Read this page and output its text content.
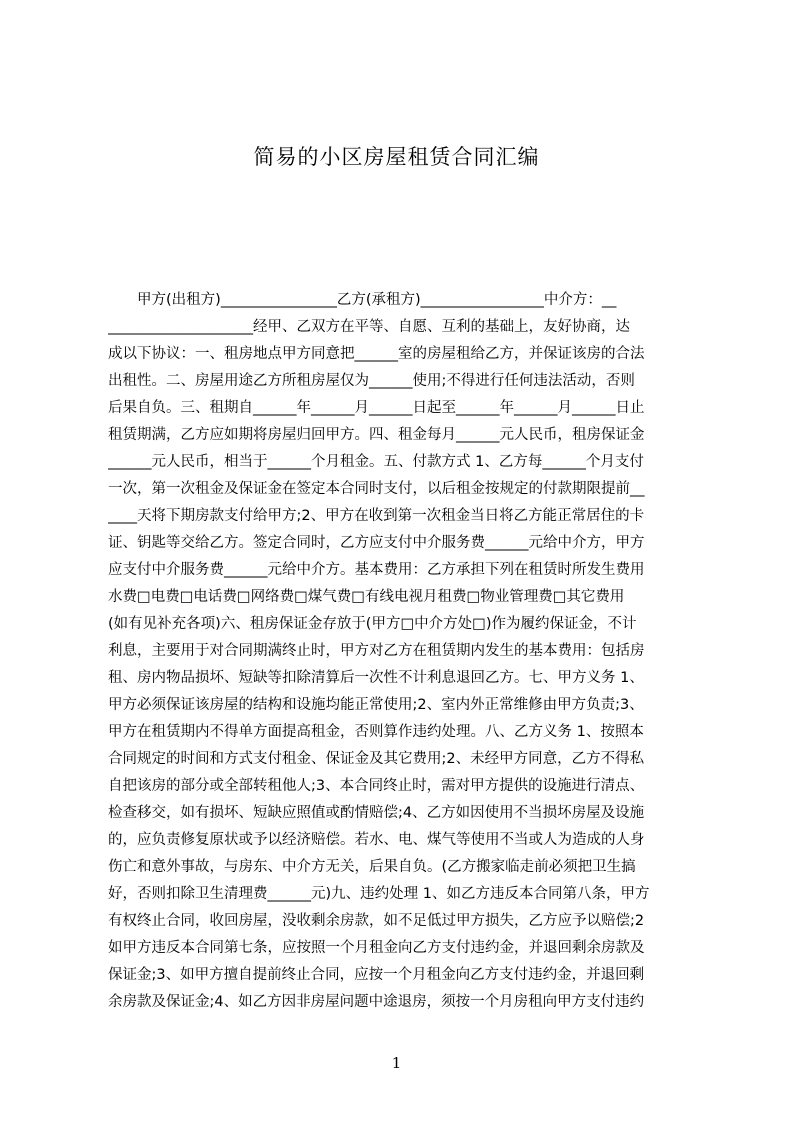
简易的小区房屋租赁合同汇编
　　甲方(出租方)________________乙方(承租方)_________________中介方：__
____________________经甲、乙双方在平等、自愿、互利的基础上，友好协商，达
成以下协议：一、租房地点甲方同意把______室的房屋租给乙方，并保证该房的合法
出租性。二、房屋用途乙方所租房屋仅为______使用;不得进行任何违法活动，否则
后果自负。三、租期自______年______月______日起至______年______月______日止
租赁期满，乙方应如期将房屋归回甲方。四、租金每月______元人民币，租房保证金
______元人民币，相当于______个月租金。五、付款方式 1、乙方每______个月支付
一次，第一次租金及保证金在签定本合同时支付，以后租金按规定的付款期限提前__
____天将下期房款支付给甲方;2、甲方在收到第一次租金当日将乙方能正常居住的卡
证、钥匙等交给乙方。签定合同时，乙方应支付中介服务费______元给中介方，甲方
应支付中介服务费______元给中介方。基本费用：乙方承担下列在租赁时所发生费用
水费□电费□电话费□网络费□煤气费□有线电视月租费□物业管理费□其它费用
(如有见补充各项)六、租房保证金存放于(甲方□中介方处□)作为履约保证金，不计
利息，主要用于对合同期满终止时，甲方对乙方在租赁期内发生的基本费用：包括房
租、房内物品损坏、短缺等扣除清算后一次性不计利息退回乙方。七、甲方义务 1、
甲方必须保证该房屋的结构和设施均能正常使用;2、室内外正常维修由甲方负责;3、
甲方在租赁期内不得单方面提高租金，否则算作违约处理。八、乙方义务 1、按照本
合同规定的时间和方式支付租金、保证金及其它费用;2、未经甲方同意，乙方不得私
自把该房的部分或全部转租他人;3、本合同终止时，需对甲方提供的设施进行清点、
检查移交，如有损坏、短缺应照值或酌情赔偿;4、乙方如因使用不当损坏房屋及设施
的，应负责修复原状或予以经济赔偿。若水、电、煤气等使用不当或人为造成的人身
伤亡和意外事故，与房东、中介方无关，后果自负。(乙方搬家临走前必须把卫生搞
好，否则扣除卫生清理费______元)九、违约处理 1、如乙方违反本合同第八条，甲方
有权终止合同，收回房屋，没收剩余房款，如不足低过甲方损失，乙方应予以赔偿;2
如甲方违反本合同第七条，应按照一个月租金向乙方支付违约金，并退回剩余房款及
保证金;3、如甲方擅自提前终止合同，应按一个月租金向乙方支付违约金，并退回剩
余房款及保证金;4、如乙方因非房屋问题中途退房，须按一个月房租向甲方支付违约
1
